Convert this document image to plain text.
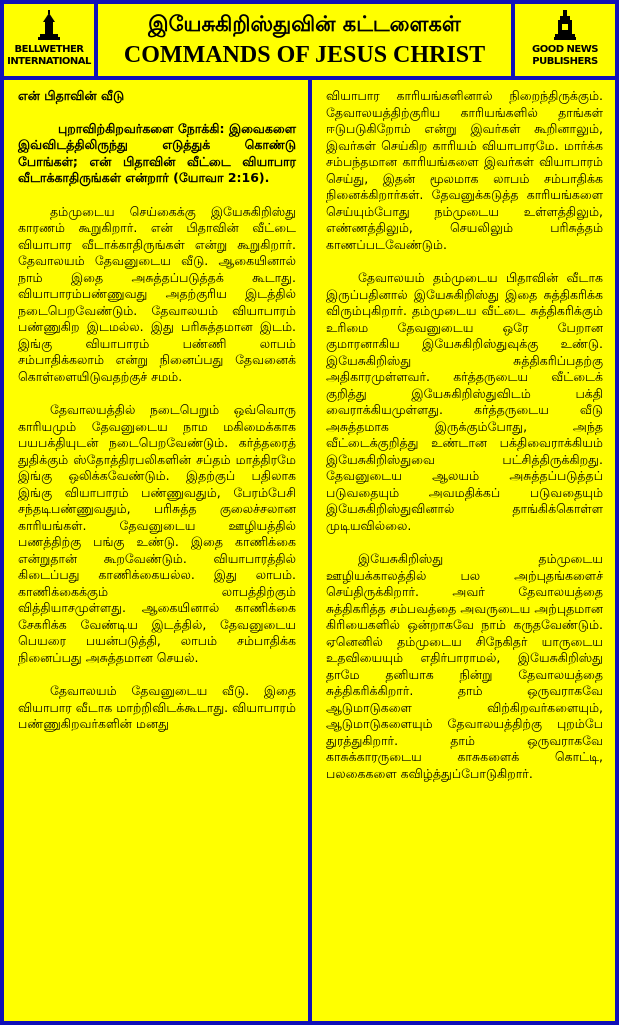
BELLWETHER
INTERNATIONAL
இயேசுகிறிஸ்துவின் கட்டளைகள்
COMMANDS OF JESUS CHRIST	GOOD NEWS
PUBLISHERS
என் பிதாவின் வீடு

புறாவிற்கிறவர்களை நோக்கி: இவைகளை இவ்விடத்திலிருந்து எடுத்துக் கொண்டு போங்கள்; என் பிதாவின் வீட்டை வியாபார வீடாக்காதிருங்கள் என்றார் (யோவா 2:16).

தம்முடைய செய்கைக்கு இயேசுகிறிஸ்து காரணம் கூறுகிறார். என் பிதாவின் வீட்டை வியாபார வீடாக்காதிருங்கள் என்று கூறுகிறார். தேவாலயம் தேவனுடைய வீடு. ஆகையினால் நாம் இதை அசுத்தப்படுத்தக் கூடாது. வியாபாரம்பண்ணுவது அதற்குரிய இடத்தில் நடைபெறவேண்டும். தேவாலயம் வியாபாரம் பண்ணுகிற இடமல்ல. இது பரிசுத்தமான இடம். இங்கு வியாபாரம் பண்ணி லாபம் சம்பாதிக்கலாம் என்று நினைப்பது தேவனைக் கொள்ளையிடுவதற்குச் சமம்.

தேவாலயத்தில் நடைபெறும் ஒவ்வொரு காரியமும் தேவனுடைய நாம மகிமைக்காக பயபக்தியுடன் நடைபெறவேண்டும். கர்த்தரைத் துதிக்கும் ஸ்தோத்திரபலிகளின் சப்தம் மாத்திரமே இங்கு ஒலிக்கவேண்டும். இதற்குப் பதிலாக இங்கு வியாபாரம் பண்ணுவதும், பேரம்பேசி சந்தடிபண்ணுவதும், பரிசுத்த குலைச்சலான காரியங்கள். தேவனுடைய ஊழியத்தில் பணத்திற்கு பங்கு உண்டு. இதை காணிக்கை என்றுதான் கூறவேண்டும். வியாபாரத்தில் கிடைப்பது காணிக்கையல்ல. இது லாபம். காணிக்கைக்கும் லாபத்திற்கும் வித்தியாசமுள்ளது. ஆகையினால் காணிக்கை சேகரிக்க வேண்டிய இடத்தில், தேவனுடைய பெயரை பயன்படுத்தி, லாபம் சம்பாதிக்க நினைப்பது அசுத்தமான செயல்.

தேவாலயம் தேவனுடைய வீடு. இதை வியாபார வீடாக மாற்றிவிடக்கூடாது. வியாபாரம் பண்ணுகிறவர்களின் மனது

வியாபார காரியங்களினால் நிறைந்திருக்கும். தேவாலயத்திற்குரிய காரியங்களில் தாங்கள் ஈடுபடுகிறோம் என்று இவர்கள் கூறினாலும், இவர்கள் செய்கிற காரியம் வியாபாரமே. மார்க்க சம்பந்தமான காரியங்களை இவர்கள் வியாபாரம் செய்து, இதன் மூலமாக லாபம் சம்பாதிக்க நினைக்கிறார்கள். தேவனுக்கடுத்த காரியங்களை செய்யும்போது நம்முடைய உள்ளத்திலும், எண்ணத்திலும், செயலிலும் பரிசுத்தம் காணப்படவேண்டும்.

தேவாலயம் தம்முடைய பிதாவின் வீடாக இருப்பதினால் இயேசுகிறிஸ்து இதை சுத்திகரிக்க விரும்புகிறார். தம்முடைய வீட்டை சுத்திகரிக்கும் உரிமை தேவனுடைய ஒரே பேறான குமாரனாகிய இயேசுகிறிஸ்துவுக்கு உண்டு. இயேசுகிறிஸ்து சுத்திகரிப்பதற்கு அதிகாரமுள்ளவர். கர்த்தருடைய வீட்டைக் குறித்து இயேசுகிறிஸ்துவிடம் பக்தி வைராக்கியமுள்ளது. கர்த்தருடைய வீடு அசுத்தமாக இருக்கும்போது, அந்த வீட்டைக்குறித்து உண்டான பக்திவைராக்கியம் இயேசுகிறிஸ்துவை பட்சித்திருக்கிறது. தேவனுடைய ஆலயம் அசுத்தப்படுத்தப் படுவதையும் அவமதிக்கப் படுவதையும் இயேசுகிறிஸ்துவினால் தாங்கிக்கொள்ள முடியவில்லை.

இயேசுகிறிஸ்து தம்முடைய ஊழியக்காலத்தில் பல அற்புதங்களைச் செய்திருக்கிறார். அவர் தேவாலயத்தை சுத்திகரித்த சம்பவத்தை அவருடைய அற்புதமான கிரியைகளில் ஒன்றாகவே நாம் கருதவேண்டும். ஏனெனில் தம்முடைய சிநேகிதர் யாருடைய உதவியையும் எதிர்பாராமல், இயேசுகிறிஸ்து தாமே தனியாக நின்று தேவாலயத்தை சுத்திகரிக்கிறார். தாம் ஒருவராகவே ஆடுமாடுகளை விற்கிறவர்களையும், ஆடுமாடுகளையும் தேவாலயத்திற்கு புறம்பே துரத்துகிறார். தாம் ஒருவராகவே காசுக்காரருடைய காசுகளைக் கொட்டி, பலகைகளை கவிழ்த்துப்போடுகிறார்.
